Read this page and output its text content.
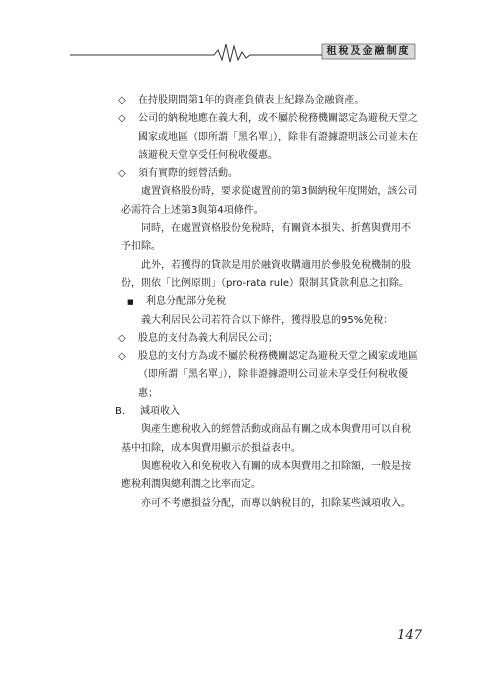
租稅及金融制度

◇ 在持股期間第1年的資產負債表上紀錄為金融資產。

◇ 公司的納稅地應在義大利，或不屬於稅務機關認定為避稅天堂之國家或地區（即所謂「黑名單」），除非有證據證明該公司並未在該避稅天堂享受任何稅收優惠。

◇ 須有實際的經營活動。

處置資格股份時，要求從處置前的第3個納稅年度開始，該公司必需符合上述第3與第4項條件。

同時，在處置資格股份免稅時，有關資本損失、折舊與費用不予扣除。

此外，若獲得的貸款是用於融資收購適用於參股免稅機制的股份，則依「比例原則」（pro-rata rule）限制其貸款利息之扣除。

■ 利息分配部分免稅

義大利居民公司若符合以下條件，獲得股息的95%免稅：

◇ 股息的支付為義大利居民公司；

◇ 股息的支付方為或不屬於稅務機關認定為避稅天堂之國家或地區（即所謂「黑名單」），除非證據證明公司並未享受任何稅收優惠；

B. 減項收入

與產生應稅收入的經營活動或商品有關之成本與費用可以自稅基中扣除，成本與費用顯示於損益表中。

與應稅收入和免稅收入有關的成本與費用之扣除額，一般是按應稅利潤與總利潤之比率而定。

亦可不考慮損益分配，而專以納稅目的，扣除某些減項收入。

147
